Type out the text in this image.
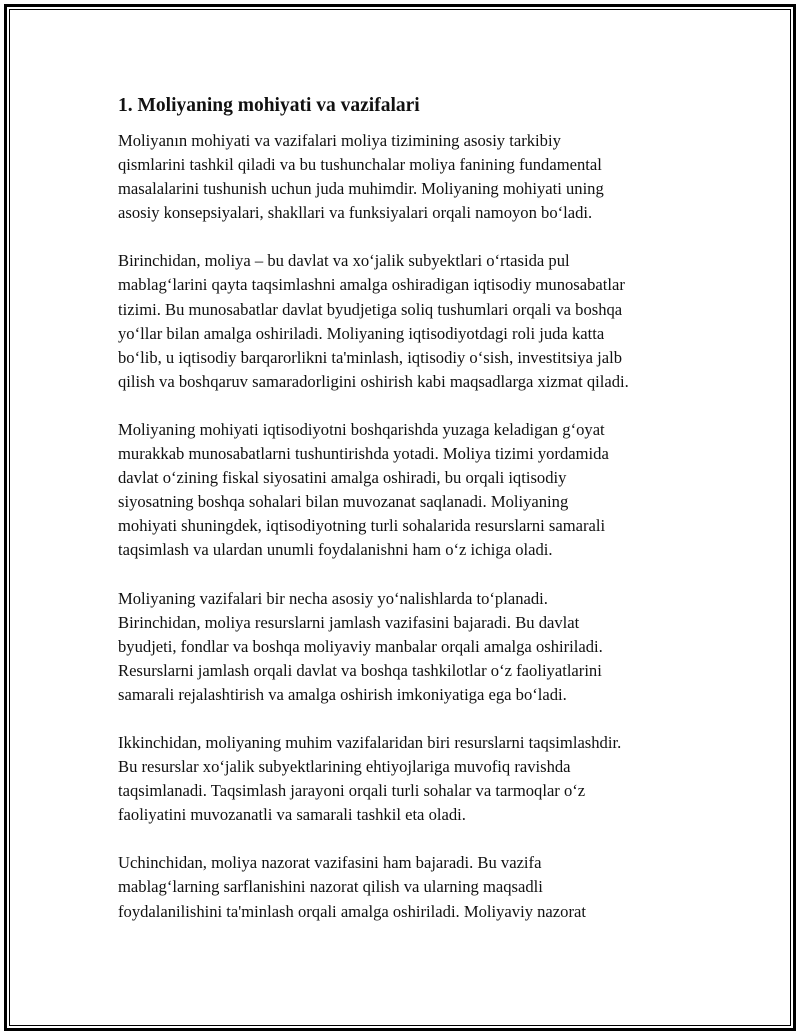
1. Moliyaning mohiyati va vazifalari
Moliyanın mohiyati va vazifalari moliya tizimining asosiy tarkibiy
qismlarini tashkil qiladi va bu tushunchalar moliya fanining fundamental
masalalarini tushunish uchun juda muhimdir. Moliyaning mohiyati uning
asosiy konsepsiyalari, shakllari va funksiyalari orqali namoyon bo‘ladi.
Birinchidan, moliya – bu davlat va xo‘jalik subyektlari o‘rtasida pul
mablag‘larini qayta taqsimlashni amalga oshiradigan iqtisodiy munosabatlar
tizimi. Bu munosabatlar davlat byudjetiga soliq tushumlari orqali va boshqa
yo‘llar bilan amalga oshiriladi. Moliyaning iqtisodiyotdagi roli juda katta
bo‘lib, u iqtisodiy barqarorlikni ta'minlash, iqtisodiy o‘sish, investitsiya jalb
qilish va boshqaruv samaradorligini oshirish kabi maqsadlarga xizmat qiladi.
Moliyaning mohiyati iqtisodiyotni boshqarishda yuzaga keladigan g‘oyat
murakkab munosabatlarni tushuntirishda yotadi. Moliya tizimi yordamida
davlat o‘zining fiskal siyosatini amalga oshiradi, bu orqali iqtisodiy
siyosatning boshqa sohalari bilan muvozanat saqlanadi. Moliyaning
mohiyati shuningdek, iqtisodiyotning turli sohalarida resurslarni samarali
taqsimlash va ulardan unumli foydalanishni ham o‘z ichiga oladi.
Moliyaning vazifalari bir necha asosiy yo‘nalishlarda to‘planadi.
Birinchidan, moliya resurslarni jamlash vazifasini bajaradi. Bu davlat
byudjeti, fondlar va boshqa moliyaviy manbalar orqali amalga oshiriladi.
Resurslarni jamlash orqali davlat va boshqa tashkilotlar o‘z faoliyatlarini
samarali rejalashtirish va amalga oshirish imkoniyatiga ega bo‘ladi.
Ikkinchidan, moliyaning muhim vazifalaridan biri resurslarni taqsimlashdir.
Bu resurslar xo‘jalik subyektlarining ehtiyojlariga muvofiq ravishda
taqsimlanadi. Taqsimlash jarayoni orqali turli sohalar va tarmoqlar o‘z
faoliyatini muvozanatli va samarali tashkil eta oladi.
Uchinchidan, moliya nazorat vazifasini ham bajaradi. Bu vazifa
mablag‘larning sarflanishini nazorat qilish va ularning maqsadli
foydalanilishini ta'minlash orqali amalga oshiriladi. Moliyaviy nazorat
